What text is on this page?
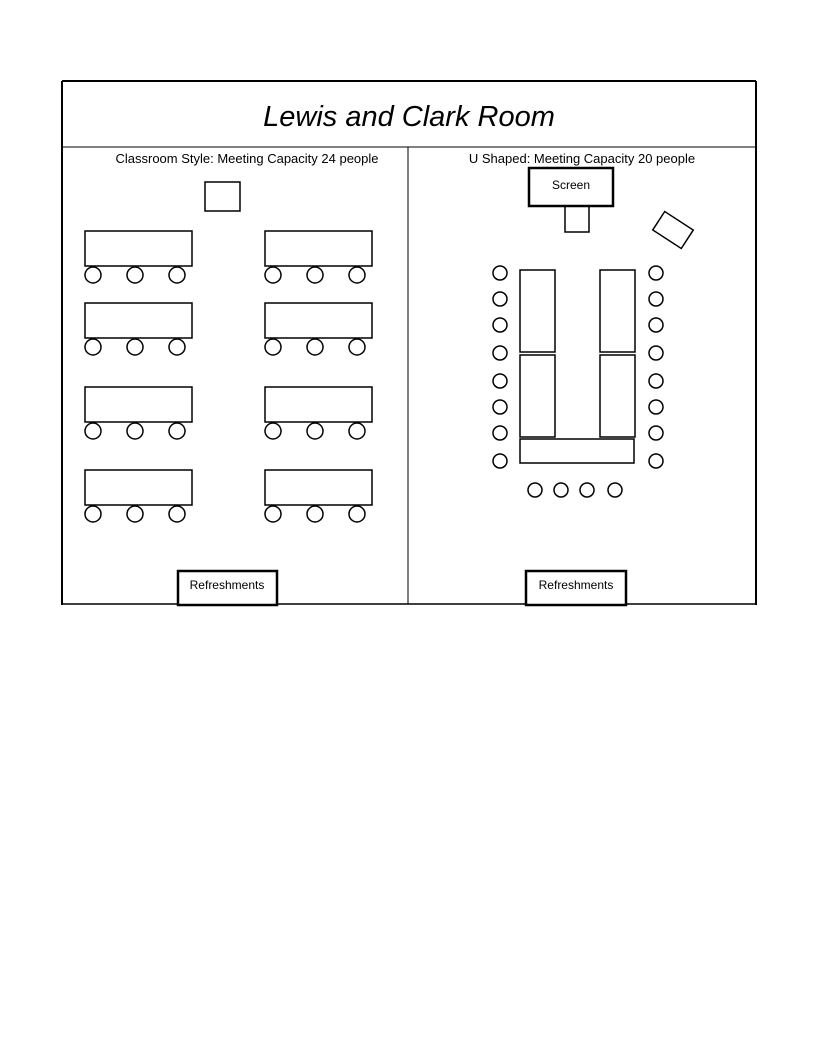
Lewis and Clark Room
Classroom Style: Meeting Capacity 24 people	U Shaped: Meeting Capacity 20 people
Refreshments
Screen
Refreshments
